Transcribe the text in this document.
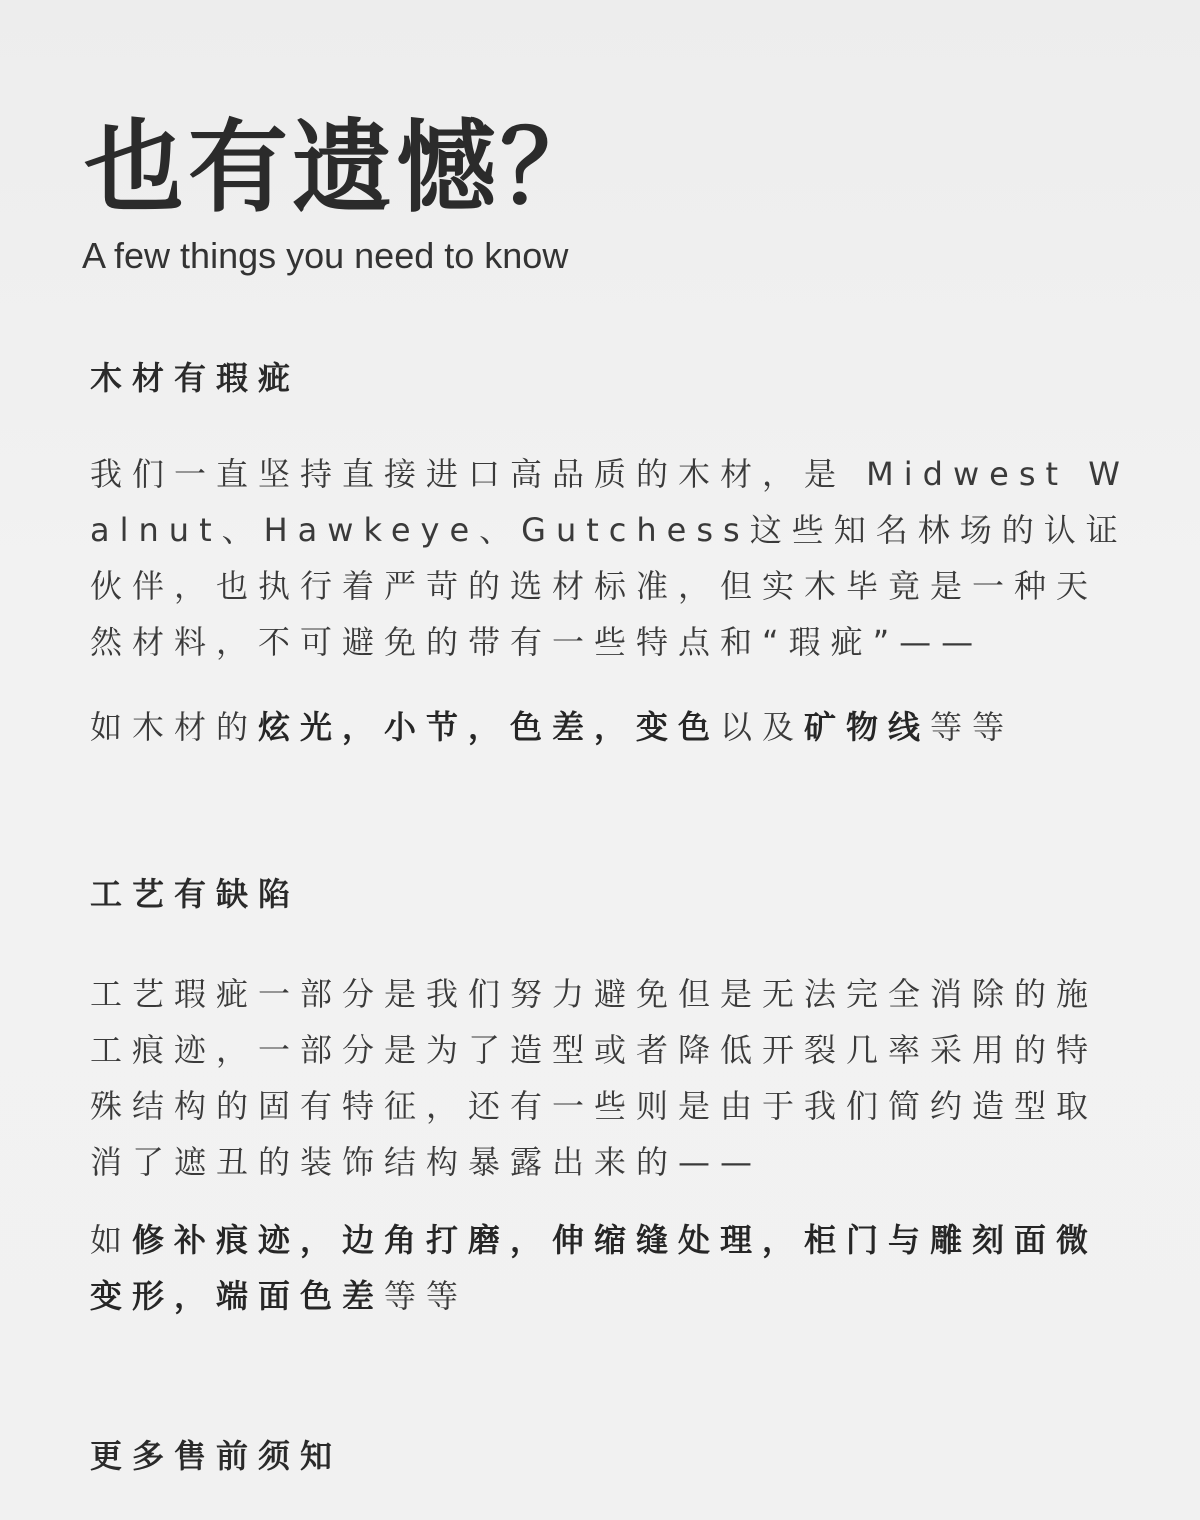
也有遗憾？

A few things you need to know

木材有瑕疵

我们一直坚持直接进口高品质的木材，是 Midwest Walnut、Hawkeye、Gutchess这些知名林场的认证伙伴，也执行着严苛的选材标准，但实木毕竟是一种天然材料，不可避免的带有一些特点和“瑕疵”——

如木材的炫光，小节，色差，变色以及矿物线等等

工艺有缺陷

工艺瑕疵一部分是我们努力避免但是无法完全消除的施工痕迹，一部分是为了造型或者降低开裂几率采用的特殊结构的固有特征，还有一些则是由于我们简约造型取消了遮丑的装饰结构暴露出来的——

如修补痕迹，边角打磨，伸缩缝处理，柜门与雕刻面微变形，端面色差等等

更多售前须知
